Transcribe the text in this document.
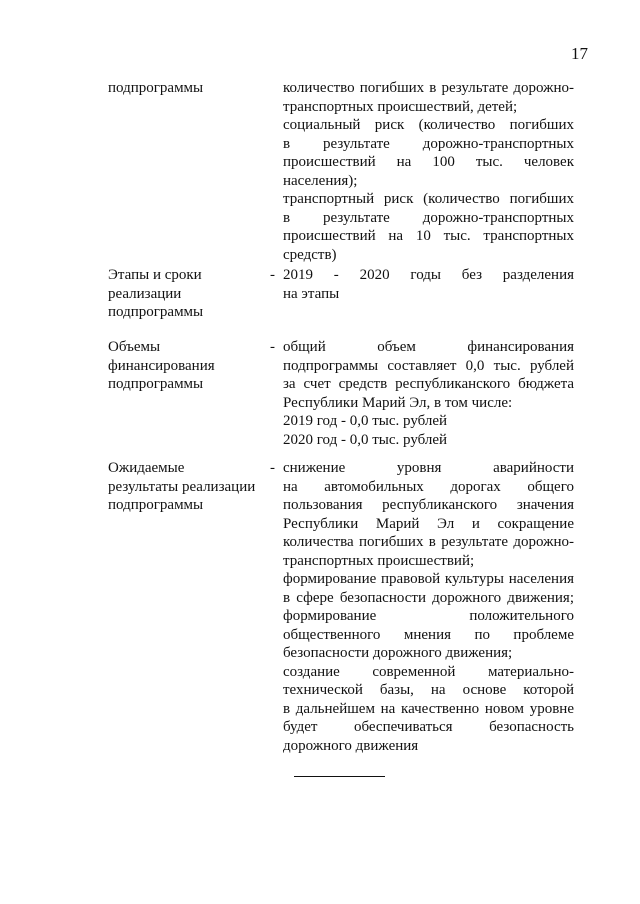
17
подпрограммы	количество погибших в результате дорожно-

транспортных происшествий, детей;

социальный риск (количество погибших

в результате дорожно-транспортных

происшествий на 100 тыс. человек

населения);

транспортный риск (количество погибших

в результате дорожно-транспортных

происшествий на 10 тыс. транспортных

средств)

Этапы и сроки
реализации
подпрограммы
- 2019 - 2020 годы без разделения

на этапы

Объемы
финансирования
подпрограммы
- общий объем финансирования

подпрограммы составляет 0,0 тыс. рублей

за счет средств республиканского бюджета

Республики Марий Эл, в том числе:

2019 год - 0,0 тыс. рублей

2020 год - 0,0 тыс. рублей

Ожидаемые
результаты реализации
подпрограммы
- снижение уровня аварийности

на автомобильных дорогах общего

пользования республиканского значения

Республики Марий Эл и сокращение

количества погибших в результате дорожно-

транспортных происшествий;

формирование правовой культуры населения

в сфере безопасности дорожного движения;

формирование положительного

общественного мнения по проблеме

безопасности дорожного движения;

создание современной материально-

технической базы, на основе которой

в дальнейшем на качественно новом уровне

будет обеспечиваться безопасность

дорожного движения
